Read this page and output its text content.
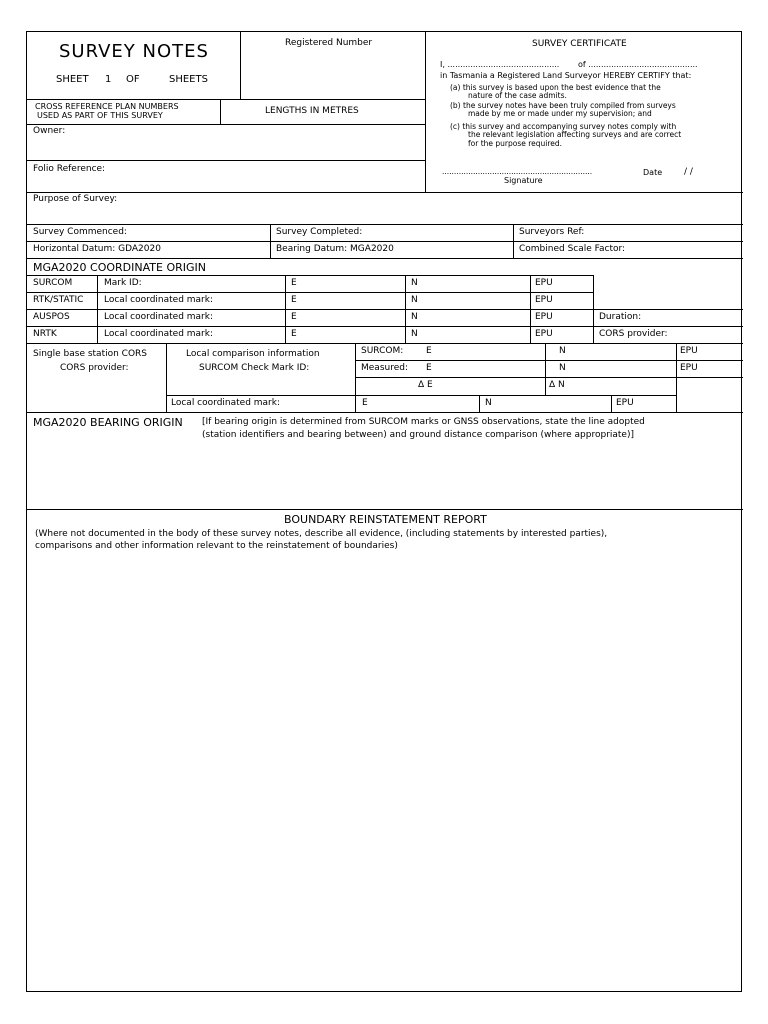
SURVEY NOTES
SHEET 1 OF	SHEETS
Registered Number
CROSS REFERENCE PLAN NUMBERS
USED AS PART OF THIS SURVEY	LENGTHS IN METRES
Owner:
Folio Reference:
SURVEY CERTIFICATE
I, ............................................ of ...........................................
in Tasmania a Registered Land Surveyor HEREBY CERTIFY that:
(a) this survey is based upon the best evidence that the
nature of the case admits.
(b) the survey notes have been truly compiled from surveys
made by me or made under my supervision; and
(c) this survey and accompanying survey notes comply with
the relevant legislation affecting surveys and are correct
for the purpose required.
...............................................................
Signature
Date / /
Purpose of Survey:
Survey Commenced:	Survey Completed:	Surveyors Ref:
Horizontal Datum: GDA2020	Bearing Datum: MGA2020	Combined Scale Factor:
MGA2020 COORDINATE ORIGIN
SURCOM	Mark ID:	E	N	EPU
RTK/STATIC Local coordinated mark:	E	N	EPU
AUSPOS	Local coordinated mark:	E	N	EPU	Duration:
NRTK	Local coordinated mark:	E	N	EPU	CORS provider:
Single base station CORS
CORS provider:
Local comparison information
SURCOM Check Mark ID:
SURCOM:	E	N	EPU
Measured: E	N	EPU
Δ E	Δ N
Local coordinated mark:	E	N	EPU
MGA2020 BEARING ORIGIN [If bearing origin is determined from SURCOM marks or GNSS observations, state the line adopted
(station identifiers and bearing between) and ground distance comparison (where appropriate)]
BOUNDARY REINSTATEMENT REPORT
(Where not documented in the body of these survey notes, describe all evidence, (including statements by interested parties),
comparisons and other information relevant to the reinstatement of boundaries)
